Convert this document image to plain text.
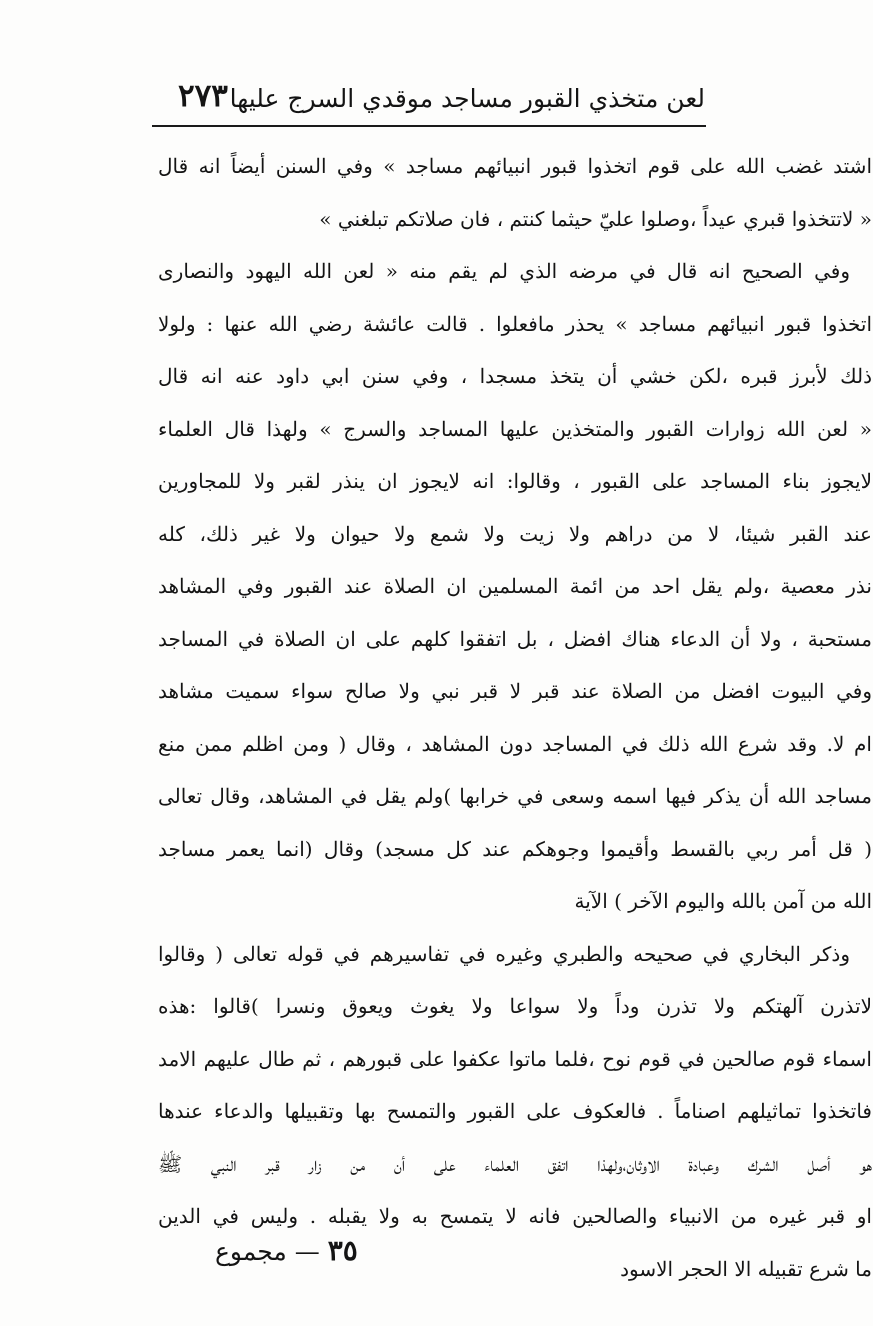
لعن متخذي القبور مساجد موقدي السرج عليها
٢٧٣
اشتد غضب الله على قوم اتخذوا قبور انبيائهم مساجد » وفي السنن أيضاً انه قال
« لاتتخذوا قبري عيداً ،وصلوا عليّ حيثما كنتم ، فان صلاتكم تبلغني »
وفي الصحيح انه قال في مرضه الذي لم يقم منه « لعن الله اليهود والنصارى
اتخذوا قبور انبيائهم مساجد » يحذر مافعلوا . قالت عائشة رضي الله عنها : ولولا
ذلك لأبرز قبره ،لكن خشي أن يتخذ مسجدا ، وفي سنن ابي داود عنه انه قال
« لعن الله زوارات القبور والمتخذين عليها المساجد والسرج » ولهذا قال العلماء
لايجوز بناء المساجد على القبور ، وقالوا: انه لايجوز ان ينذر لقبر ولا للمجاورين
عند القبر شيئا، لا من دراهم ولا زيت ولا شمع ولا حيوان ولا غير ذلك، كله
نذر معصية ،ولم يقل احد من ائمة المسلمين ان الصلاة عند القبور وفي المشاهد
مستحبة ، ولا أن الدعاء هناك افضل ، بل اتفقوا كلهم على ان الصلاة في المساجد
وفي البيوت افضل من الصلاة عند قبر لا قبر نبي ولا صالح سواء سميت مشاهد
ام لا. وقد شرع الله ذلك في المساجد دون المشاهد ، وقال ( ومن اظلم ممن منع
مساجد الله أن يذكر فيها اسمه وسعى في خرابها )ولم يقل في المشاهد، وقال تعالى
( قل أمر ربي بالقسط وأقيموا وجوهكم عند كل مسجد) وقال (انما يعمر مساجد
الله من آمن بالله واليوم الآخر ) الآية
وذكر البخاري في صحيحه والطبري وغيره في تفاسيرهم في قوله تعالى ( وقالوا
لاتذرن آلهتكم ولا تذرن وداً ولا سواعا ولا يغوث ويعوق ونسرا )قالوا :هذه
اسماء قوم صالحين في قوم نوح ،فلما ماتوا عكفوا على قبورهم ، ثم طال عليهم الامد
فاتخذوا تماثيلهم اصناماً . فالعكوف على القبور والتمسح بها وتقبيلها والدعاء عندها
هو أصل الشرك وعبادة الاوثان،ولهذا اتفق العلماء على أن من زار قبر النبي ﷺ
او قبر غيره من الانبياء والصالحين فانه لا يتمسح به ولا يقبله . وليس في الدين
ما شرع تقبيله الا الحجر الاسود
٣٥ — مجموع
